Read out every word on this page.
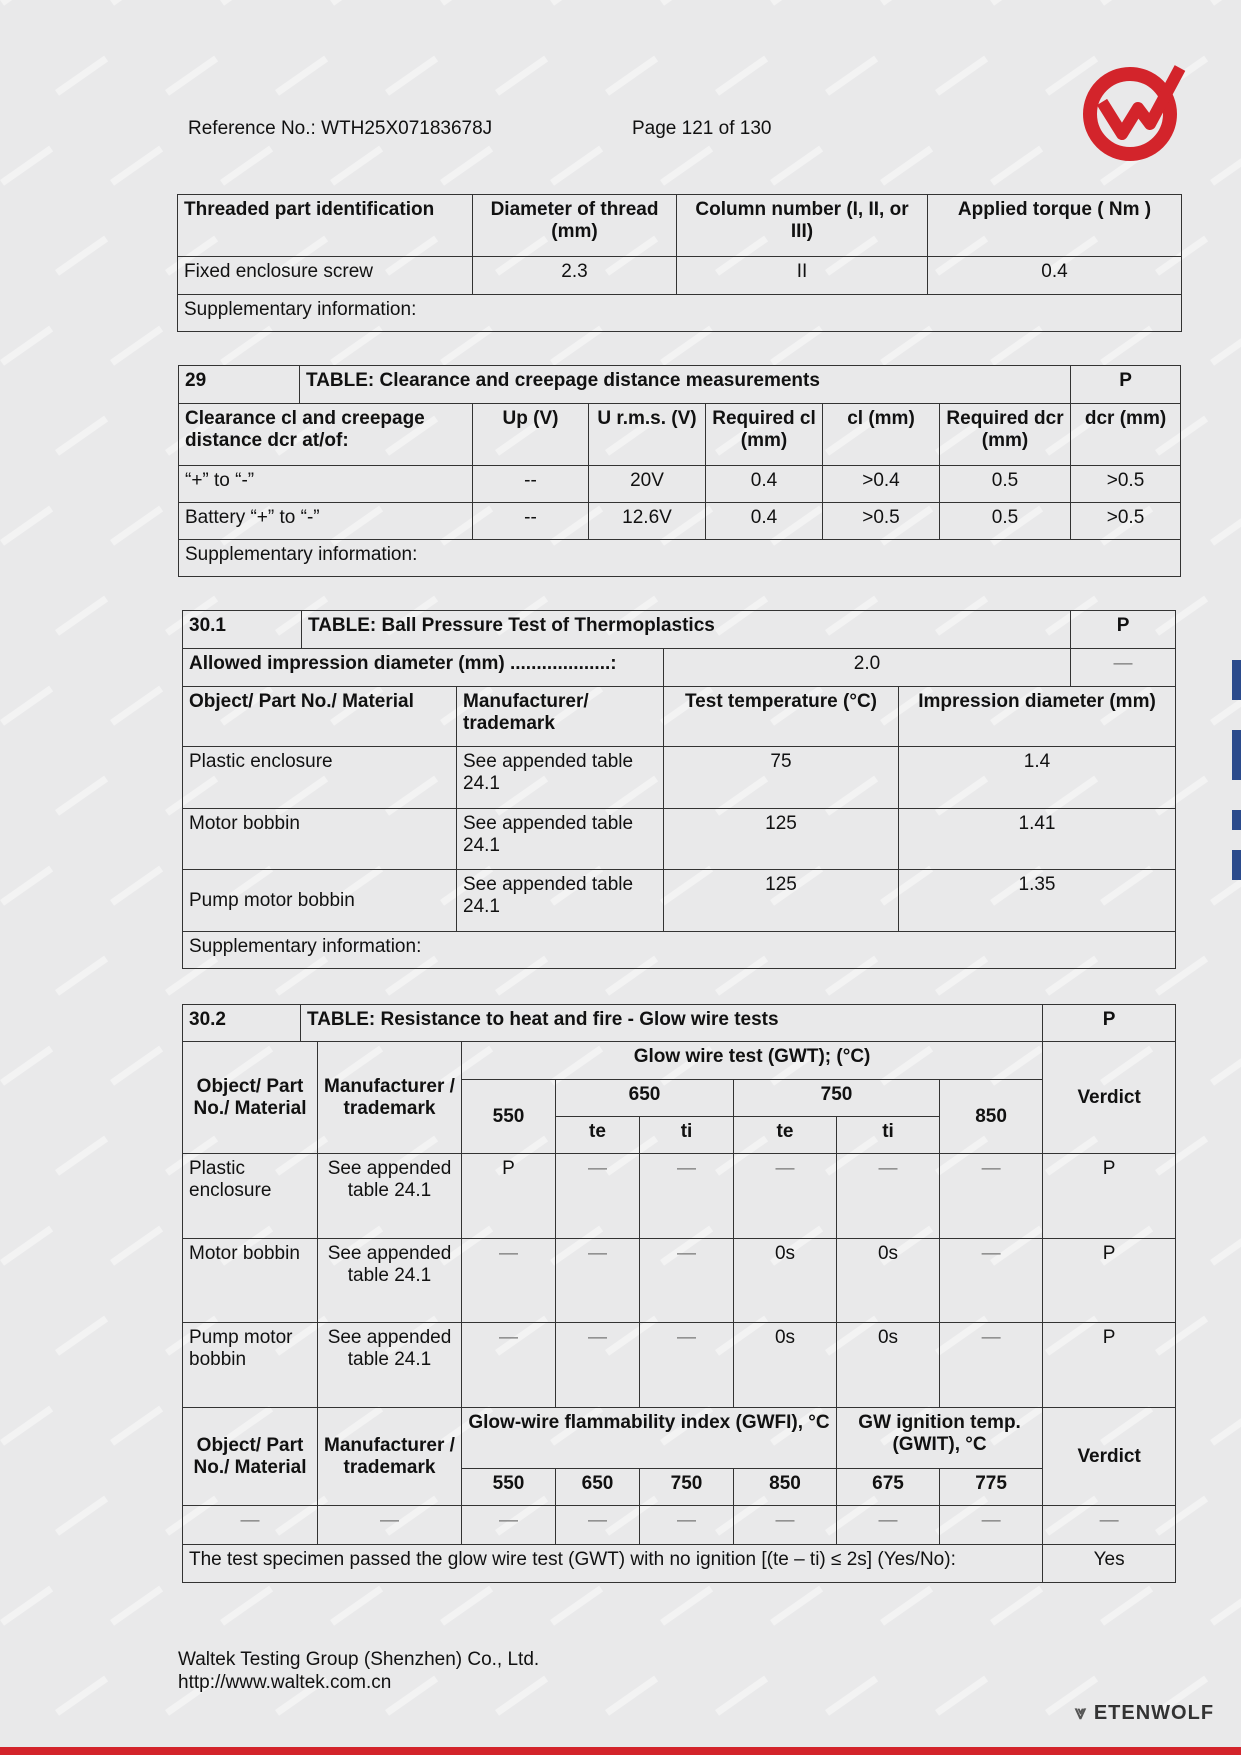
Reference No.: WTH25X07183678J	Page 121 of 130
Threaded part identification	Diameter of thread (mm)	Column number (I, II, or III)	Applied torque ( Nm )
Fixed enclosure screw	2.3	II	0.4
Supplementary information:			
29	TABLE: Clearance and creepage distance measurements						P
Clearance cl and creepage distance dcr at/of:		Up (V)	U r.m.s. (V)	Required cl (mm)	cl (mm)	Required dcr (mm)	dcr (mm)
“+” to “-”		--	20V	0.4	>0.4	0.5	>0.5
Battery “+” to “-”		--	12.6V	0.4	>0.5	0.5	>0.5
Supplementary information:							
30.1	TABLE: Ball Pressure Test of Thermoplastics				P
Allowed impression diameter (mm) ...................:			2.0		—
Object/ Part No./ Material		Manufacturer/ trademark	Test temperature (°C)	Impression diameter (mm)	
Plastic enclosure		See appended table 24.1	75	1.4	
Motor bobbin		See appended table 24.1	125	1.41	
Pump motor bobbin		See appended table 24.1	125	1.35	
Supplementary information:					
30.2	TABLE: Resistance to heat and fire - Glow wire tests								P
Object/ Part No./ Material		Manufacturer / trademark	Glow wire test (GWT); (°C)						Verdict
			550	650		750		850	
				te	ti	te	ti		
Plastic enclosure		See appended table 24.1	P	—	—	—	—	—	P
Motor bobbin		See appended table 24.1	—	—	—	0s	0s	—	P
Pump motor bobbin		See appended table 24.1	—	—	—	0s	0s	—	P
Object/ Part No./ Material		Manufacturer / trademark	Glow-wire flammability index (GWFI), °C				GW ignition temp. (GWIT), °C		Verdict
			550	650	750	850	675	775	
—		—	—	—	—	—	—	—	—
The test specimen passed the glow wire test (GWT) with no ignition [(te – ti) ≤ 2s] (Yes/No):									Yes
Waltek Testing Group (Shenzhen) Co., Ltd.
http://www.waltek.com.cn
⩔ ETENWOLF
